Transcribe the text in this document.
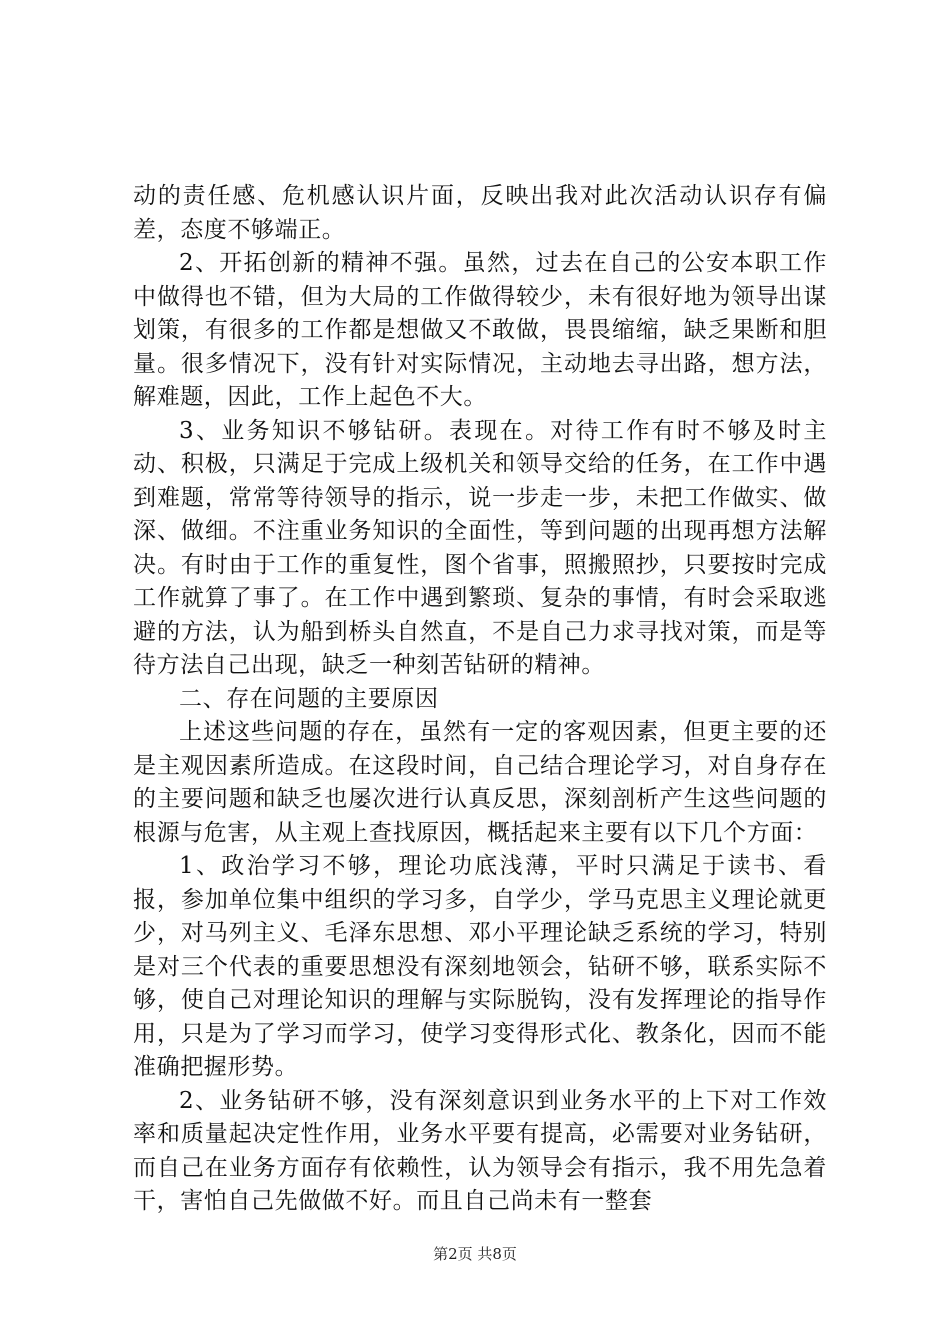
动的责任感、危机感认识片面，反映出我对此次活动认识存有偏差，态度不够端正。

2、开拓创新的精神不强。虽然，过去在自己的公安本职工作中做得也不错，但为大局的工作做得较少，未有很好地为领导出谋划策，有很多的工作都是想做又不敢做，畏畏缩缩，缺乏果断和胆量。很多情况下，没有针对实际情况，主动地去寻出路，想方法，解难题，因此，工作上起色不大。

3、业务知识不够钻研。表现在。对待工作有时不够及时主动、积极，只满足于完成上级机关和领导交给的任务，在工作中遇到难题，常常等待领导的指示，说一步走一步，未把工作做实、做深、做细。不注重业务知识的全面性，等到问题的出现再想方法解决。有时由于工作的重复性，图个省事，照搬照抄，只要按时完成工作就算了事了。在工作中遇到繁琐、复杂的事情，有时会采取逃避的方法，认为船到桥头自然直，不是自己力求寻找对策，而是等待方法自己出现，缺乏一种刻苦钻研的精神。

二、存在问题的主要原因

上述这些问题的存在，虽然有一定的客观因素，但更主要的还是主观因素所造成。在这段时间，自己结合理论学习，对自身存在的主要问题和缺乏也屡次进行认真反思，深刻剖析产生这些问题的根源与危害，从主观上查找原因，概括起来主要有以下几个方面：

1、政治学习不够，理论功底浅薄，平时只满足于读书、看报，参加单位集中组织的学习多，自学少，学马克思主义理论就更少，对马列主义、毛泽东思想、邓小平理论缺乏系统的学习，特别是对三个代表的重要思想没有深刻地领会，钻研不够，联系实际不够，使自己对理论知识的理解与实际脱钩，没有发挥理论的指导作用，只是为了学习而学习，使学习变得形式化、教条化，因而不能准确把握形势。

2、业务钻研不够，没有深刻意识到业务水平的上下对工作效率和质量起决定性作用，业务水平要有提高，必需要对业务钻研，而自己在业务方面存有依赖性，认为领导会有指示，我不用先急着干，害怕自己先做做不好。而且自己尚未有一整套

第2页 共8页
